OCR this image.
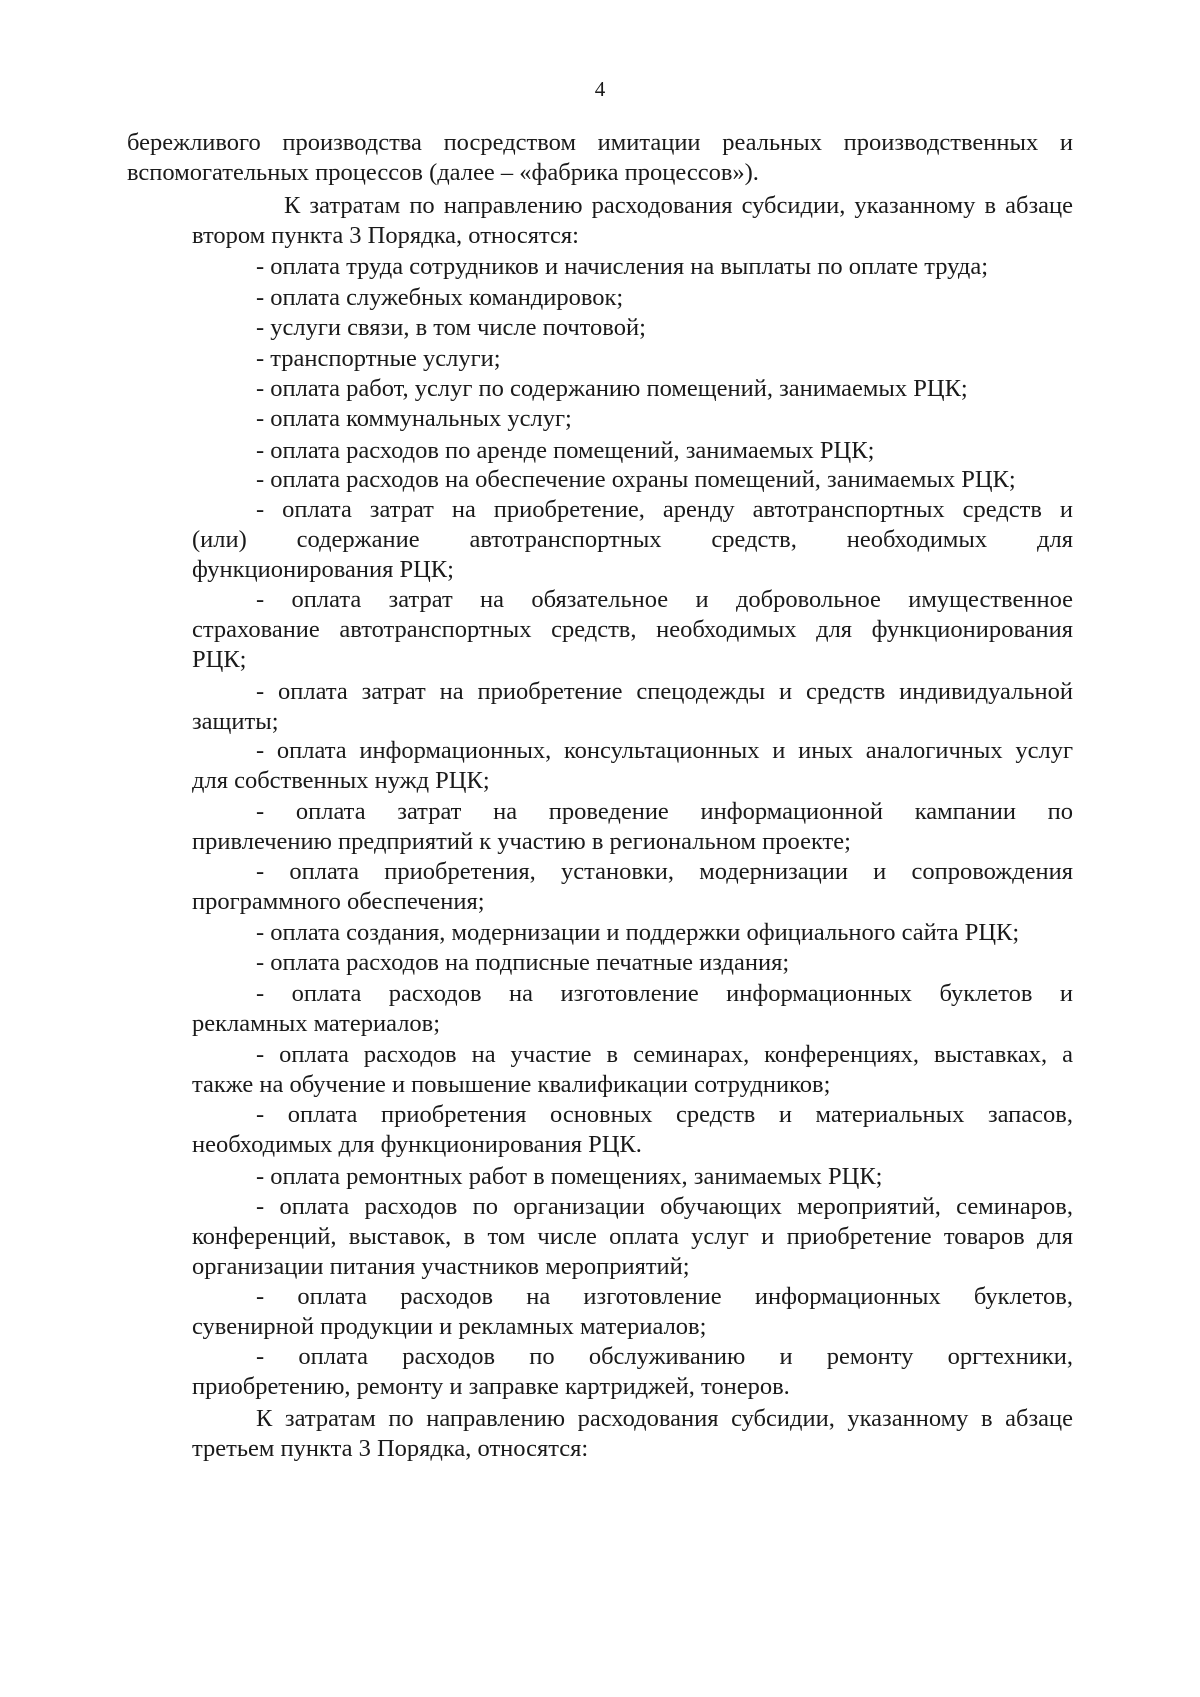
4
бережливого производства посредством имитации реальных производственных и
вспомогательных процессов (далее – «фабрика процессов»).
К затратам по направлению расходования субсидии, указанному в абзаце
втором пункта 3 Порядка, относятся:
- оплата труда сотрудников и начисления на выплаты по оплате труда;
- оплата служебных командировок;
- услуги связи, в том числе почтовой;
- транспортные услуги;
- оплата работ, услуг по содержанию помещений, занимаемых РЦК;
- оплата коммунальных услуг;
- оплата расходов по аренде помещений, занимаемых РЦК;
- оплата расходов на обеспечение охраны помещений, занимаемых РЦК;
- оплата затрат на приобретение, аренду автотранспортных средств и
(или) содержание автотранспортных средств, необходимых для
функционирования РЦК;
- оплата затрат на обязательное и добровольное имущественное
страхование автотранспортных средств, необходимых для функционирования
РЦК;
- оплата затрат на приобретение спецодежды и средств индивидуальной
защиты;
- оплата информационных, консультационных и иных аналогичных услуг
для собственных нужд РЦК;
- оплата затрат на проведение информационной кампании по
привлечению предприятий к участию в региональном проекте;
- оплата приобретения, установки, модернизации и сопровождения
программного обеспечения;
- оплата создания, модернизации и поддержки официального сайта РЦК;
- оплата расходов на подписные печатные издания;
- оплата расходов на изготовление информационных буклетов и
рекламных материалов;
- оплата расходов на участие в семинарах, конференциях, выставках, а
также на обучение и повышение квалификации сотрудников;
- оплата приобретения основных средств и материальных запасов,
необходимых для функционирования РЦК.
- оплата ремонтных работ в помещениях, занимаемых РЦК;
- оплата расходов по организации обучающих мероприятий, семинаров,
конференций, выставок, в том числе оплата услуг и приобретение товаров для
организации питания участников мероприятий;
- оплата расходов на изготовление информационных буклетов,
сувенирной продукции и рекламных материалов;
- оплата расходов по обслуживанию и ремонту оргтехники,
приобретению, ремонту и заправке картриджей, тонеров.
К затратам по направлению расходования субсидии, указанному в абзаце
третьем пункта 3 Порядка, относятся:
